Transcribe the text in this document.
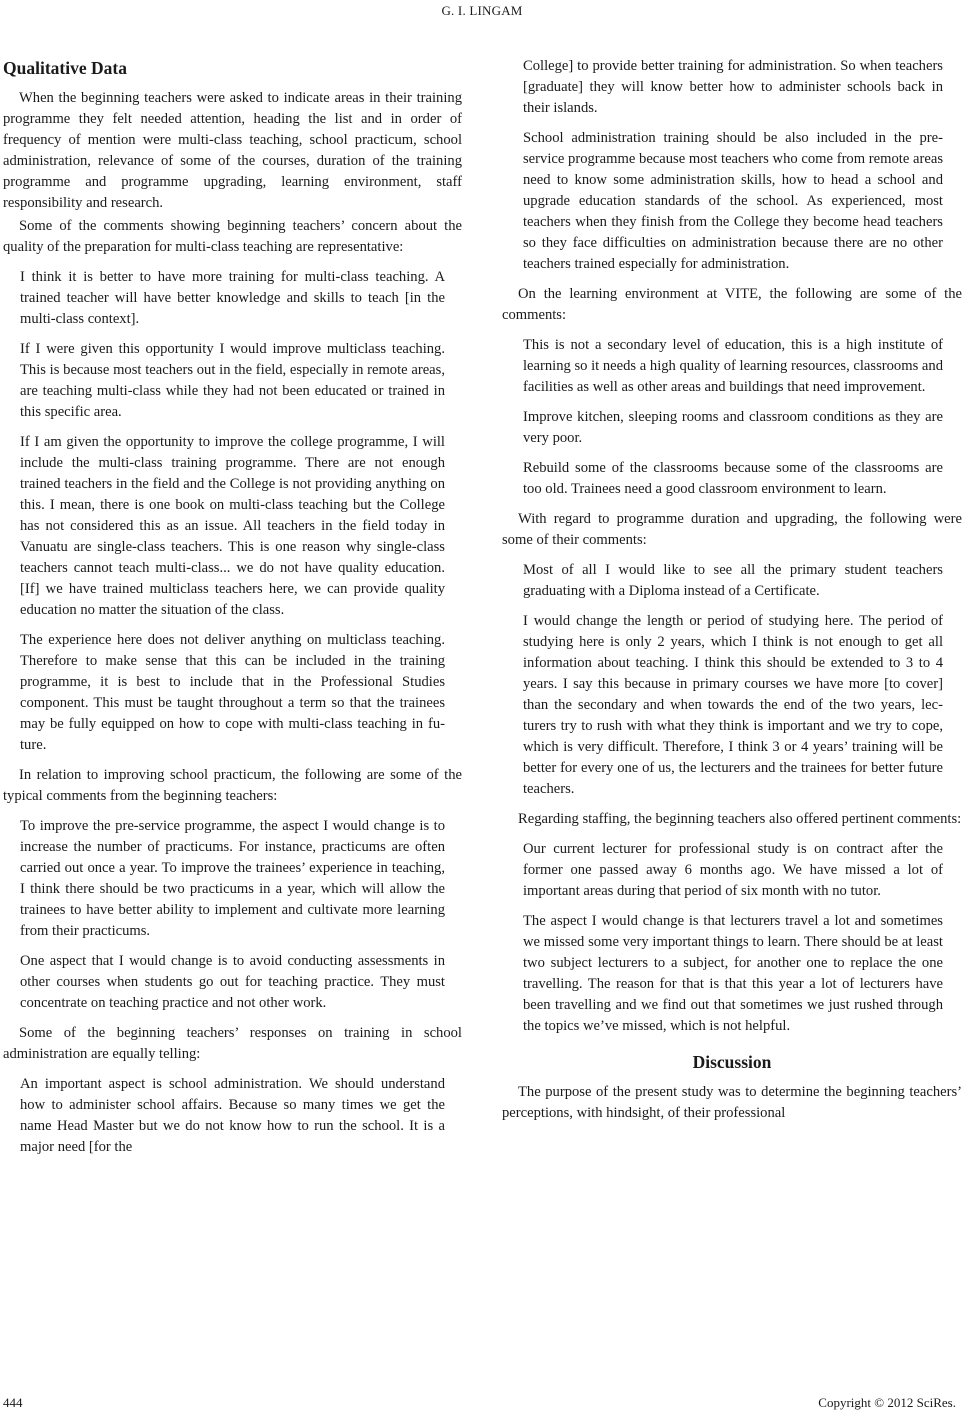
G. I. LINGAM
Qualitative Data

When the beginning teachers were asked to indicate areas in their training programme they felt needed attention, heading the list and in order of frequency of mention were multi-class teaching, school practicum, school administration, relevance of some of the courses, duration of the training programme and programme upgrading, learning environment, staff responsibility and research.

Some of the comments showing beginning teachers’ concern about the quality of the preparation for multi-class teaching are representative:

I think it is better to have more training for multi-class teaching. A trained teacher will have better knowledge and skills to teach [in the multi-class context].

If I were given this opportunity I would improve multiclass teaching. This is because most teachers out in the field, especially in remote areas, are teaching multi-class while they had not been educated or trained in this specific area.

If I am given the opportunity to improve the college programme, I will include the multi-class training programme. There are not enough trained teachers in the field and the College is not providing anything on this. I mean, there is one book on multi-class teaching but the College has not considered this as an issue. All teachers in the field today in Vanuatu are single-class teachers. This is one reason why single-class teachers cannot teach multi-class... we do not have quality education. [If] we have trained multiclass teachers here, we can provide quality education no matter the situation of the class.

The experience here does not deliver anything on multiclass teaching. Therefore to make sense that this can be included in the training programme, it is best to include that in the Professional Studies component. This must be taught throughout a term so that the trainees may be fully equipped on how to cope with multi-class teaching in future.

In relation to improving school practicum, the following are some of the typical comments from the beginning teachers:

To improve the pre-service programme, the aspect I would change is to increase the number of practicums. For instance, practicums are often carried out once a year. To improve the trainees’ experience in teaching, I think there should be two practicums in a year, which will allow the trainees to have better ability to implement and cultivate more learning from their practicums.

One aspect that I would change is to avoid conducting assessments in other courses when students go out for teaching practice. They must concentrate on teaching practice and not other work.

Some of the beginning teachers’ responses on training in school administration are equally telling:

An important aspect is school administration. We should understand how to administer school affairs. Because so many times we get the name Head Master but we do not know how to run the school. It is a major need [for the

College] to provide better training for administration. So when teachers [graduate] they will know better how to administer schools back in their islands.

School administration training should be also included in the pre-service programme because most teachers who come from remote areas need to know some administration skills, how to head a school and upgrade education standards of the school. As experienced, most teachers when they finish from the College they become head teachers so they face difficulties on administration because there are no other teachers trained especially for administration.

On the learning environment at VITE, the following are some of the comments:

This is not a secondary level of education, this is a high institute of learning so it needs a high quality of learning resources, classrooms and facilities as well as other areas and buildings that need improvement.

Improve kitchen, sleeping rooms and classroom conditions as they are very poor.

Rebuild some of the classrooms because some of the classrooms are too old. Trainees need a good classroom environment to learn.

With regard to programme duration and upgrading, the following were some of their comments:

Most of all I would like to see all the primary student teachers graduating with a Diploma instead of a Certificate.

I would change the length or period of studying here. The period of studying here is only 2 years, which I think is not enough to get all information about teaching. I think this should be extended to 3 to 4 years. I say this because in primary courses we have more [to cover] than the secondary and when towards the end of the two years, lecturers try to rush with what they think is important and we try to cope, which is very difficult. Therefore, I think 3 or 4 years’ training will be better for every one of us, the lecturers and the trainees for better future teachers.

Regarding staffing, the beginning teachers also offered pertinent comments:

Our current lecturer for professional study is on contract after the former one passed away 6 months ago. We have missed a lot of important areas during that period of six month with no tutor.

The aspect I would change is that lecturers travel a lot and sometimes we missed some very important things to learn. There should be at least two subject lecturers to a subject, for another one to replace the one travelling. The reason for that is that this year a lot of lecturers have been travelling and we find out that sometimes we just rushed through the topics we’ve missed, which is not helpful.

Discussion

The purpose of the present study was to determine the beginning teachers’ perceptions, with hindsight, of their professional

444	Copyright © 2012 SciRes.
